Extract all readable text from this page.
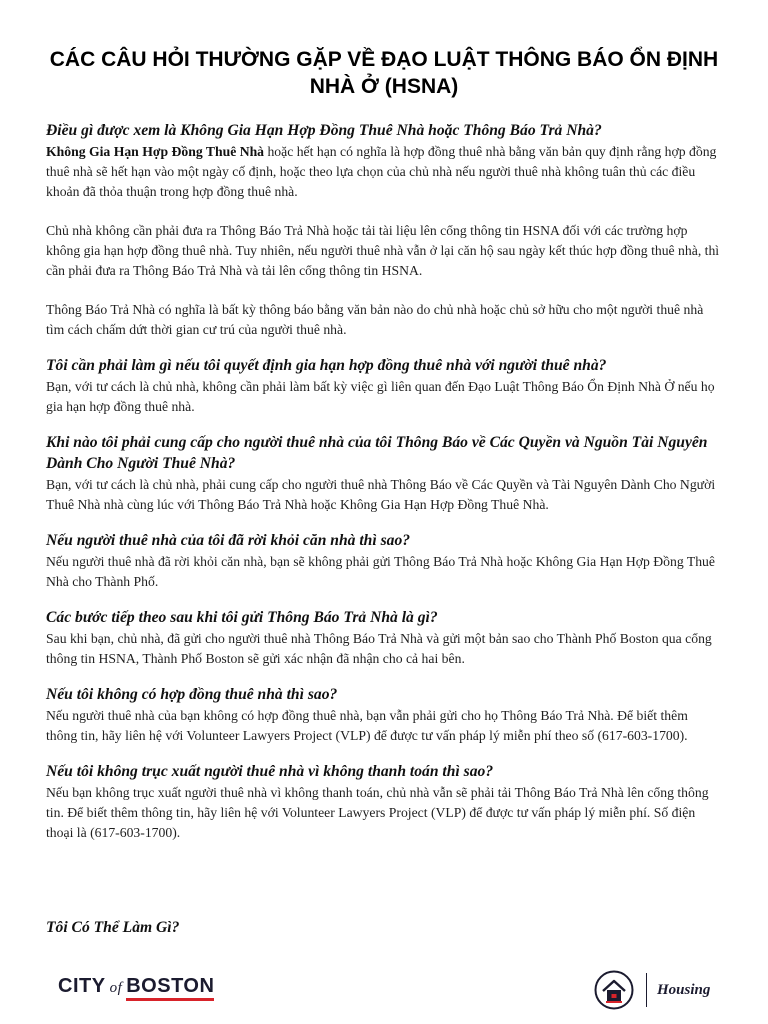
CÁC CÂU HỎI THƯỜNG GẶP VỀ ĐẠO LUẬT THÔNG BÁO ỔN ĐỊNH NHÀ Ở (HSNA)
Điều gì được xem là Không Gia Hạn Hợp Đồng Thuê Nhà hoặc Thông Báo Trả Nhà?

Không Gia Hạn Hợp Đồng Thuê Nhà hoặc hết hạn có nghĩa là hợp đồng thuê nhà bằng văn bản quy định rằng hợp đồng thuê nhà sẽ hết hạn vào một ngày cố định, hoặc theo lựa chọn của chủ nhà nếu người thuê nhà không tuân thủ các điều khoản đã thỏa thuận trong hợp đồng thuê nhà.

Chủ nhà không cần phải đưa ra Thông Báo Trả Nhà hoặc tải tài liệu lên cổng thông tin HSNA đối với các trường hợp không gia hạn hợp đồng thuê nhà. Tuy nhiên, nếu người thuê nhà vẫn ở lại căn hộ sau ngày kết thúc hợp đồng thuê nhà, thì cần phải đưa ra Thông Báo Trả Nhà và tải lên cổng thông tin HSNA.

Thông Báo Trả Nhà có nghĩa là bất kỳ thông báo bằng văn bản nào do chủ nhà hoặc chủ sở hữu cho một người thuê nhà tìm cách chấm dứt thời gian cư trú của người thuê nhà.

Tôi cần phải làm gì nếu tôi quyết định gia hạn hợp đồng thuê nhà với người thuê nhà?

Bạn, với tư cách là chủ nhà, không cần phải làm bất kỳ việc gì liên quan đến Đạo Luật Thông Báo Ổn Định Nhà Ở nếu họ gia hạn hợp đồng thuê nhà.

Khi nào tôi phải cung cấp cho người thuê nhà của tôi Thông Báo về Các Quyền và Nguồn Tài Nguyên Dành Cho Người Thuê Nhà?

Bạn, với tư cách là chủ nhà, phải cung cấp cho người thuê nhà Thông Báo về Các Quyền và Tài Nguyên Dành Cho Người Thuê Nhà nhà cùng lúc với Thông Báo Trả Nhà hoặc Không Gia Hạn Hợp Đồng Thuê Nhà.

Nếu người thuê nhà của tôi đã rời khỏi căn nhà thì sao?

Nếu người thuê nhà đã rời khỏi căn nhà, bạn sẽ không phải gửi Thông Báo Trả Nhà hoặc Không Gia Hạn Hợp Đồng Thuê Nhà cho Thành Phố.

Các bước tiếp theo sau khi tôi gửi Thông Báo Trả Nhà là gì?

Sau khi bạn, chủ nhà, đã gửi cho người thuê nhà Thông Báo Trả Nhà và gửi một bản sao cho Thành Phố Boston qua cổng thông tin HSNA, Thành Phố Boston sẽ gửi xác nhận đã nhận cho cả hai bên.

Nếu tôi không có hợp đồng thuê nhà thì sao?

Nếu người thuê nhà của bạn không có hợp đồng thuê nhà, bạn vẫn phải gửi cho họ Thông Báo Trả Nhà. Để biết thêm thông tin, hãy liên hệ với Volunteer Lawyers Project (VLP) để được tư vấn pháp lý miễn phí theo số (617-603-1700).

Nếu tôi không trục xuất người thuê nhà vì không thanh toán thì sao?

Nếu bạn không trục xuất người thuê nhà vì không thanh toán, chủ nhà vẫn sẽ phải tải Thông Báo Trả Nhà lên cổng thông tin. Để biết thêm thông tin, hãy liên hệ với Volunteer Lawyers Project (VLP) để được tư vấn pháp lý miễn phí. Số điện thoại là (617-603-1700).

Tôi Có Thể Làm Gì?
CITY of BOSTON	Housing
